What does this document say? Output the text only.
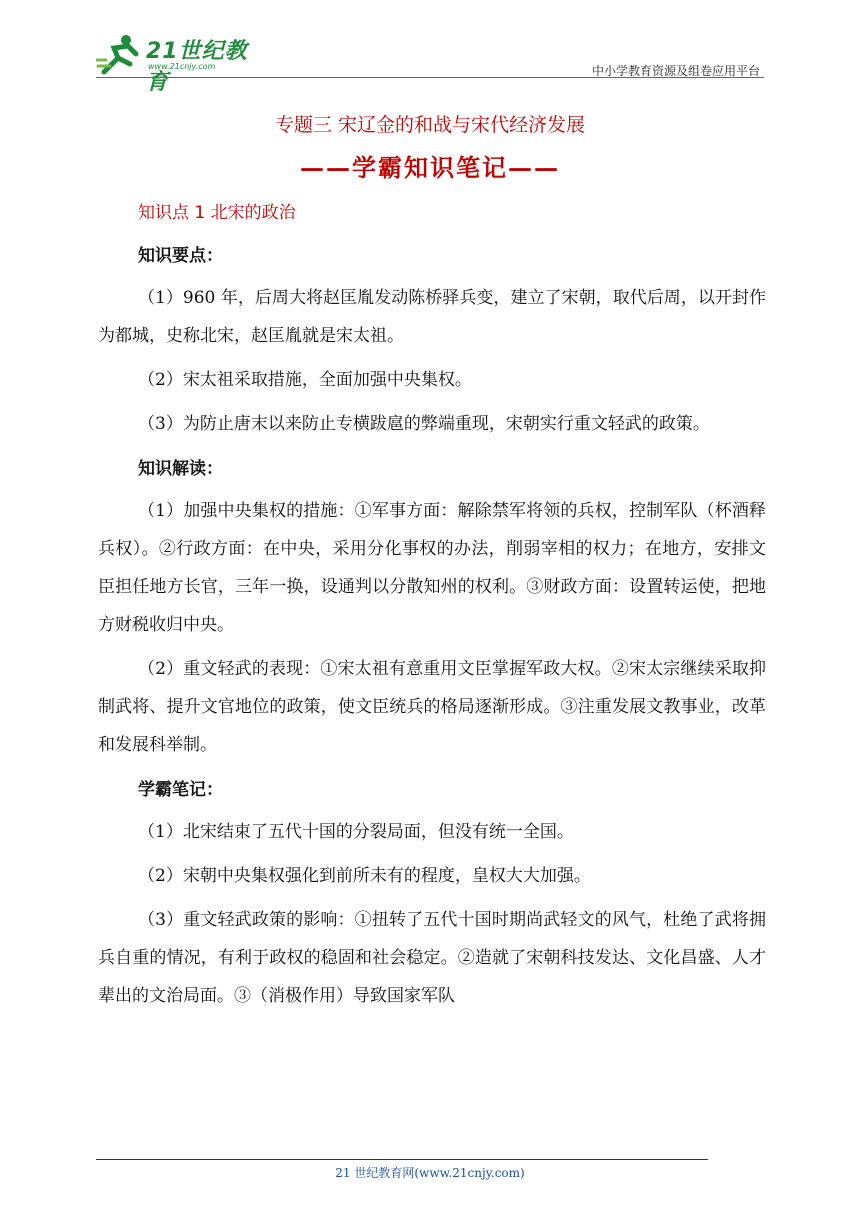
21世纪教育
www.21cnjy.com	中小学教育资源及组卷应用平台
专题三 宋辽金的和战与宋代经济发展
——学霸知识笔记——
知识点 1 北宋的政治
知识要点：

（1）960 年，后周大将赵匡胤发动陈桥驿兵变，建立了宋朝，取代后周，以开封作为都城，史称北宋，赵匡胤就是宋太祖。

（2）宋太祖采取措施，全面加强中央集权。

（3）为防止唐末以来防止专横跋扈的弊端重现，宋朝实行重文轻武的政策。

知识解读：

（1）加强中央集权的措施：①军事方面：解除禁军将领的兵权，控制军队（杯酒释兵权）。②行政方面：在中央，采用分化事权的办法，削弱宰相的权力；在地方，安排文臣担任地方长官，三年一换，设通判以分散知州的权利。③财政方面：设置转运使，把地方财税收归中央。

（2）重文轻武的表现：①宋太祖有意重用文臣掌握军政大权。②宋太宗继续采取抑制武将、提升文官地位的政策，使文臣统兵的格局逐渐形成。③注重发展文教事业，改革和发展科举制。

学霸笔记：

（1）北宋结束了五代十国的分裂局面，但没有统一全国。

（2）宋朝中央集权强化到前所未有的程度，皇权大大加强。

（3）重文轻武政策的影响：①扭转了五代十国时期尚武轻文的风气，杜绝了武将拥兵自重的情况，有利于政权的稳固和社会稳定。②造就了宋朝科技发达、文化昌盛、人才辈出的文治局面。③（消极作用）导致国家军队

21 世纪教育网(www.21cnjy.com)
